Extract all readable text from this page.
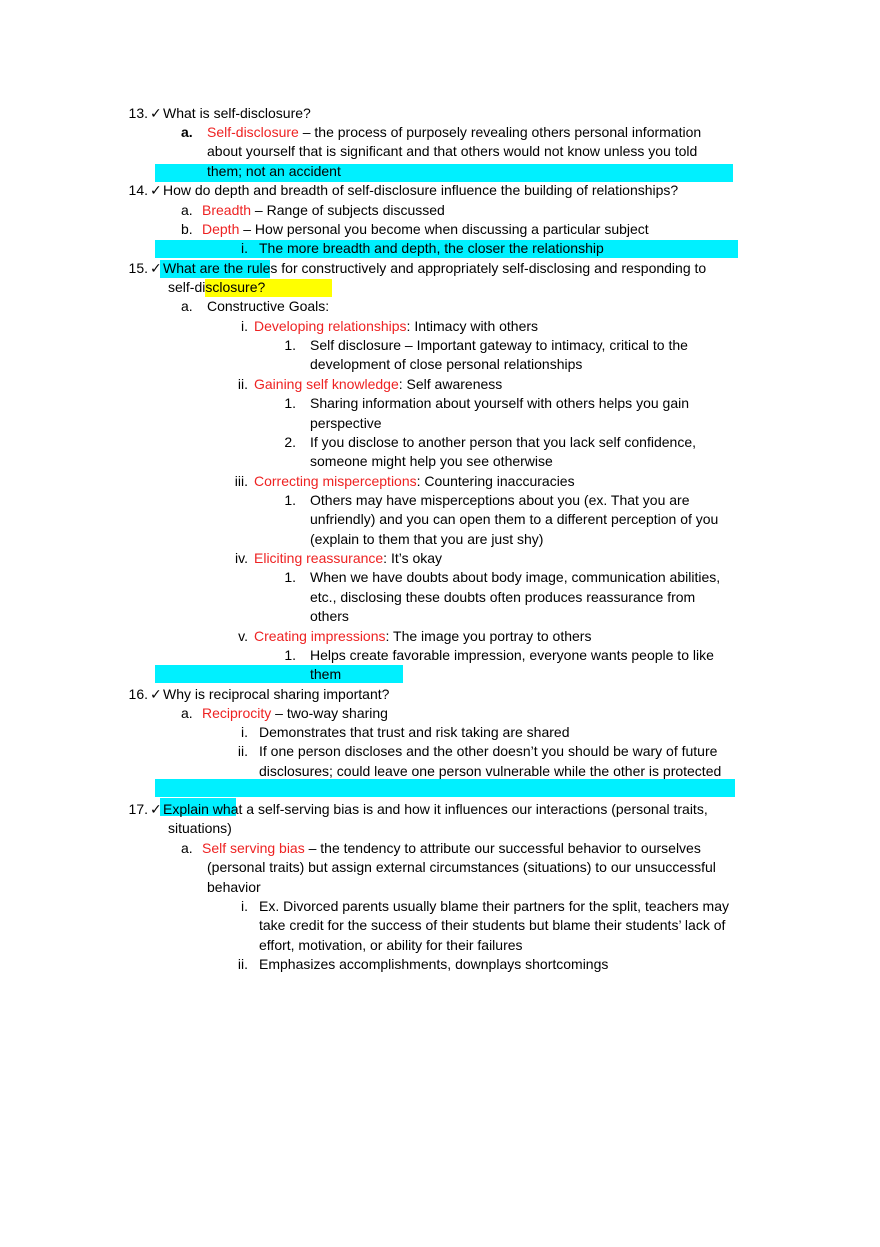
13. ✓ What is self-disclosure?
a. Self-disclosure – the process of purposely revealing others personal information
about yourself that is significant and that others would not know unless you told
them; not an accident
14. ✓ How do depth and breadth of self-disclosure influence the building of relationships?
a. Breadth – Range of subjects discussed
b. Depth – How personal you become when discussing a particular subject
i. The more breadth and depth, the closer the relationship
15. ✓ What are the rules for constructively and appropriately self-disclosing and responding to
self-disclosure?
a. Constructive Goals:
i. Developing relationships: Intimacy with others
1. Self disclosure – Important gateway to intimacy, critical to the
development of close personal relationships
ii. Gaining self knowledge: Self awareness
1. Sharing information about yourself with others helps you gain
perspective
2. If you disclose to another person that you lack self confidence,
someone might help you see otherwise
iii. Correcting misperceptions: Countering inaccuracies
1. Others may have misperceptions about you (ex. That you are
unfriendly) and you can open them to a different perception of you
(explain to them that you are just shy)
iv. Eliciting reassurance: It’s okay
1. When we have doubts about body image, communication abilities,
etc., disclosing these doubts often produces reassurance from
others
v. Creating impressions: The image you portray to others
1. Helps create favorable impression, everyone wants people to like
them
16. ✓ Why is reciprocal sharing important?
a. Reciprocity – two-way sharing
i. Demonstrates that trust and risk taking are shared
ii. If one person discloses and the other doesn’t you should be wary of future
disclosures; could leave one person vulnerable while the other is protected
17. ✓ Explain what a self-serving bias is and how it influences our interactions (personal traits,
situations)
a. Self serving bias – the tendency to attribute our successful behavior to ourselves
(personal traits) but assign external circumstances (situations) to our unsuccessful
behavior
i. Ex. Divorced parents usually blame their partners for the split, teachers may
take credit for the success of their students but blame their students’ lack of
effort, motivation, or ability for their failures
ii. Emphasizes accomplishments, downplays shortcomings
